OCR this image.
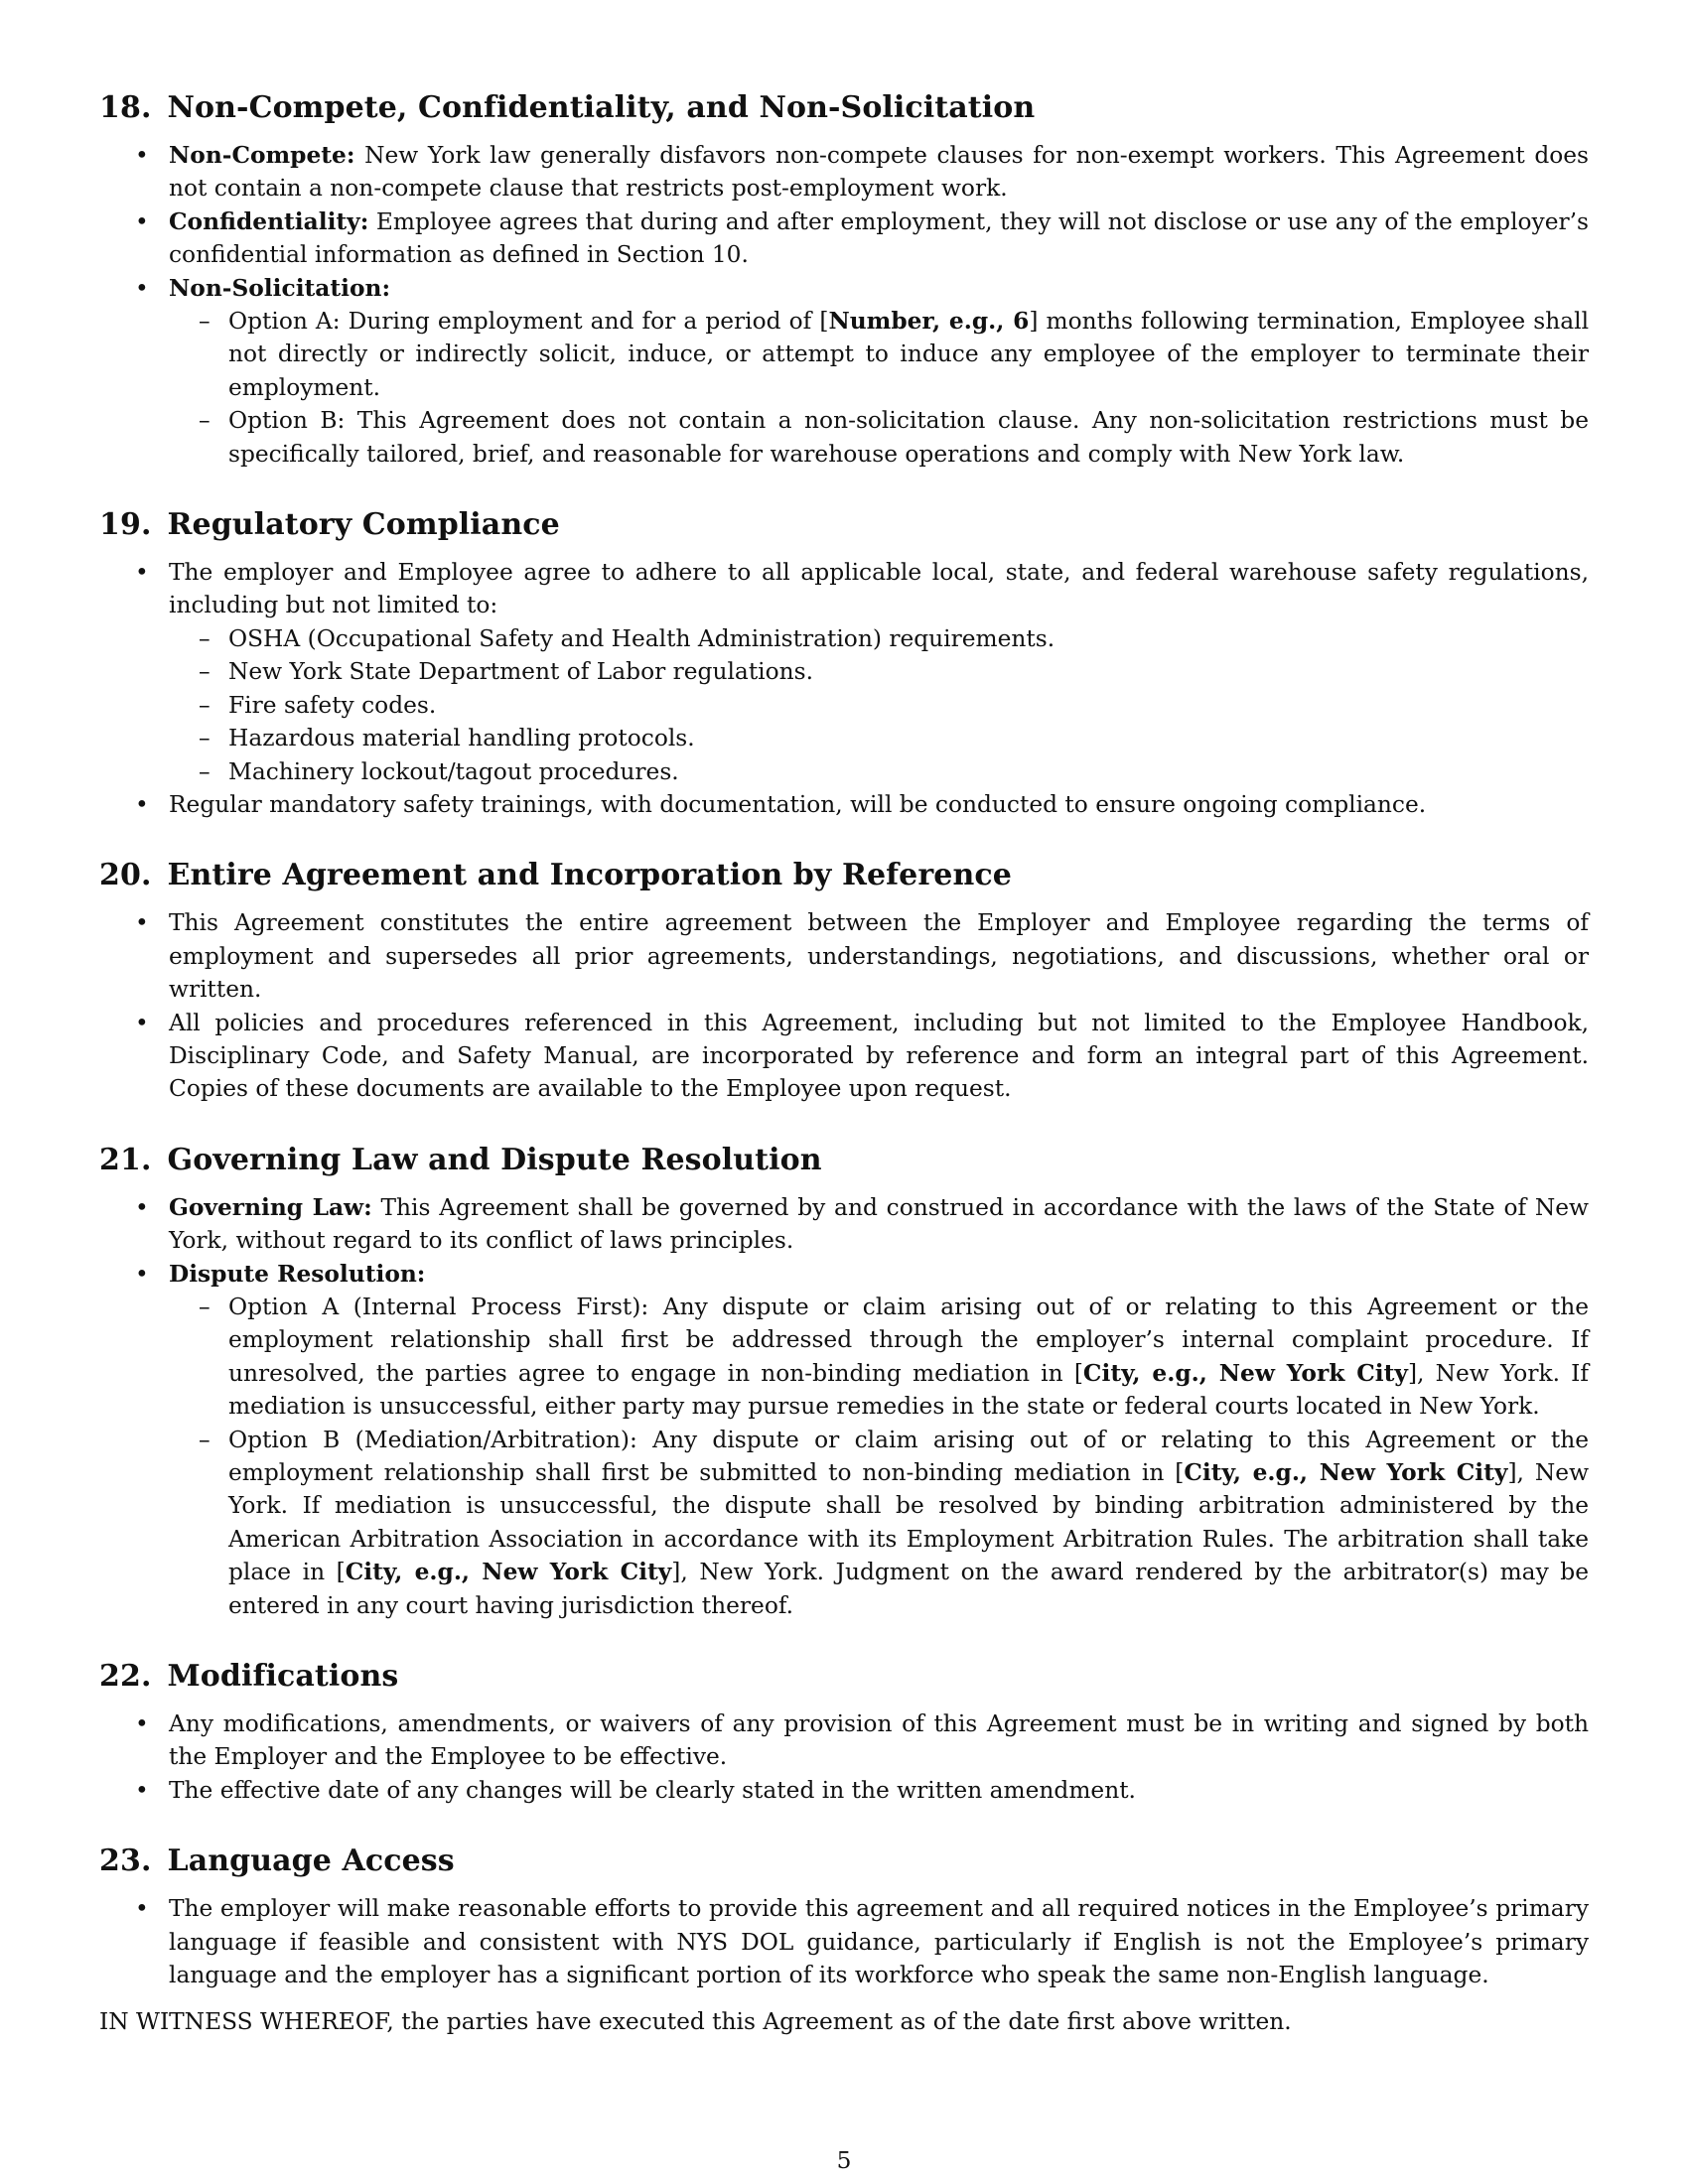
18. Non-Compete, Confidentiality, and Non-Solicitation
• Non-Compete: New York law generally disfavors non-compete clauses for non-exempt workers. This Agreement does not contain a non-compete clause that restricts post-employment work.
• Confidentiality: Employee agrees that during and after employment, they will not disclose or use any of the employer’s confidential information as defined in Section 10.
• Non-Solicitation:
– Option A: During employment and for a period of [Number, e.g., 6] months following termination, Employee shall not directly or indirectly solicit, induce, or attempt to induce any employee of the employer to terminate their employment.
– Option B: This Agreement does not contain a non-solicitation clause. Any non-solicitation restrictions must be specifically tailored, brief, and reasonable for warehouse operations and comply with New York law.
19. Regulatory Compliance
• The employer and Employee agree to adhere to all applicable local, state, and federal warehouse safety regulations, including but not limited to:
– OSHA (Occupational Safety and Health Administration) requirements.
– New York State Department of Labor regulations.
– Fire safety codes.
– Hazardous material handling protocols.
– Machinery lockout/tagout procedures.
• Regular mandatory safety trainings, with documentation, will be conducted to ensure ongoing compliance.
20. Entire Agreement and Incorporation by Reference
• This Agreement constitutes the entire agreement between the Employer and Employee regarding the terms of employment and supersedes all prior agreements, understandings, negotiations, and discussions, whether oral or written.
• All policies and procedures referenced in this Agreement, including but not limited to the Employee Handbook, Disciplinary Code, and Safety Manual, are incorporated by reference and form an integral part of this Agreement. Copies of these documents are available to the Employee upon request.
21. Governing Law and Dispute Resolution
• Governing Law: This Agreement shall be governed by and construed in accordance with the laws of the State of New York, without regard to its conflict of laws principles.
• Dispute Resolution:
– Option A (Internal Process First): Any dispute or claim arising out of or relating to this Agreement or the employment relationship shall first be addressed through the employer’s internal complaint procedure. If unresolved, the parties agree to engage in non-binding mediation in [City, e.g., New York City], New York. If mediation is unsuccessful, either party may pursue remedies in the state or federal courts located in New York.
– Option B (Mediation/Arbitration): Any dispute or claim arising out of or relating to this Agreement or the employment relationship shall first be submitted to non-binding mediation in [City, e.g., New York City], New York. If mediation is unsuccessful, the dispute shall be resolved by binding arbitration administered by the American Arbitration Association in accordance with its Employment Arbitration Rules. The arbitration shall take place in [City, e.g., New York City], New York. Judgment on the award rendered by the arbitrator(s) may be entered in any court having jurisdiction thereof.
22. Modifications
• Any modifications, amendments, or waivers of any provision of this Agreement must be in writing and signed by both the Employer and the Employee to be effective.
• The effective date of any changes will be clearly stated in the written amendment.
23. Language Access
• The employer will make reasonable efforts to provide this agreement and all required notices in the Employee’s primary language if feasible and consistent with NYS DOL guidance, particularly if English is not the Employee’s primary language and the employer has a significant portion of its workforce who speak the same non-English language.

IN WITNESS WHEREOF, the parties have executed this Agreement as of the date first above written.

5
